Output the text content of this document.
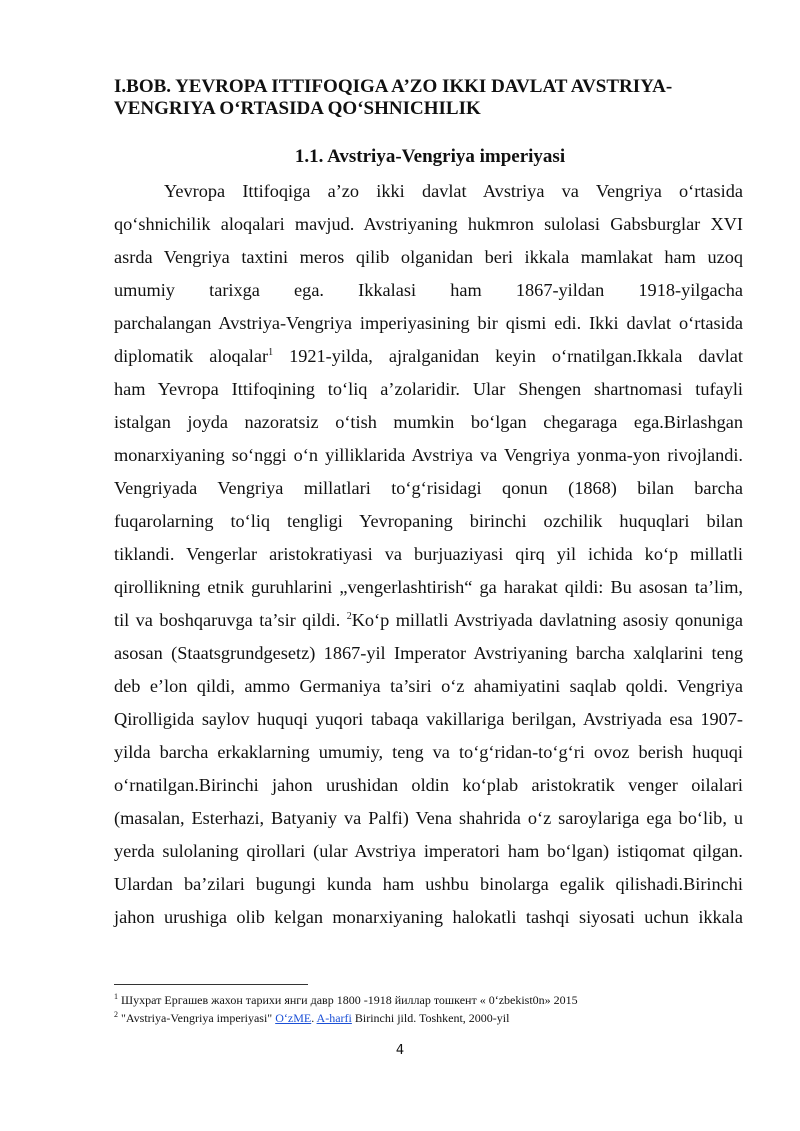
I.BOB. YEVROPA ITTIFOQIGA A’ZO IKKI DAVLAT AVSTRIYA-
VENGRIYA O‘RTASIDA QO‘SHNICHILIK
1.1. Avstriya-Vengriya imperiyasi
Yevropa Ittifoqiga a’zo ikki davlat Avstriya va Vengriya o‘rtasida
qo‘shnichilik aloqalari mavjud. Avstriyaning hukmron sulolasi Gabsburglar XVI
asrda Vengriya taxtini meros qilib olganidan beri ikkala mamlakat ham uzoq
umumiy tarixga ega. Ikkalasi ham 1867-yildan 1918-yilgacha
parchalangan Avstriya-Vengriya imperiyasining bir qismi edi. Ikki davlat o‘rtasida
diplomatik aloqalar$^1$ 1921-yilda, ajralganidan keyin o‘rnatilgan.Ikkala davlat
ham Yevropa Ittifoqining to‘liq a’zolaridir. Ular Shengen shartnomasi tufayli
istalgan joyda nazoratsiz o‘tish mumkin bo‘lgan chegaraga ega.Birlashgan
monarxiyaning so‘nggi o‘n yilliklarida Avstriya va Vengriya yonma-yon rivojlandi.
Vengriyada Vengriya millatlari to‘g‘risidagi qonun (1868) bilan barcha
fuqarolarning to‘liq tengligi Yevropaning birinchi ozchilik huquqlari bilan
tiklandi. Vengerlar aristokratiyasi va burjuaziyasi qirq yil ichida ko‘p millatli
qirollikning etnik guruhlarini „vengerlashtirish“ ga harakat qildi: Bu asosan ta’lim,
til va boshqaruvga ta’sir qildi. $^2$Ko‘p millatli Avstriyada davlatning asosiy qonuniga
asosan (Staatsgrundgesetz) 1867-yil Imperator Avstriyaning barcha xalqlarini teng
deb e’lon qildi, ammo Germaniya ta’siri o‘z ahamiyatini saqlab qoldi. Vengriya
Qirolligida saylov huquqi yuqori tabaqa vakillariga berilgan, Avstriyada esa 1907-
yilda barcha erkaklarning umumiy, teng va to‘g‘ridan-to‘g‘ri ovoz berish huquqi
o‘rnatilgan.Birinchi jahon urushidan oldin ko‘plab aristokratik venger oilalari
(masalan, Esterhazi, Batyaniy va Palfi) Vena shahrida o‘z saroylariga ega bo‘lib, u
yerda sulolaning qirollari (ular Avstriya imperatori ham bo‘lgan) istiqomat qilgan.
Ulardan ba’zilari bugungi kunda ham ushbu binolarga egalik qilishadi.Birinchi
jahon urushiga olib kelgan monarxiyaning halokatli tashqi siyosati uchun ikkala
$^1$ Шухрат Ергашев жахон тарихи янги давр 1800 -1918 йиллар тошкент « 0‘zbekist0n» 2015
$^2$ "Avstriya-Vengriya imperiyasi" O‘zME. A-harfi Birinchi jild. Toshkent, 2000-yil
4
